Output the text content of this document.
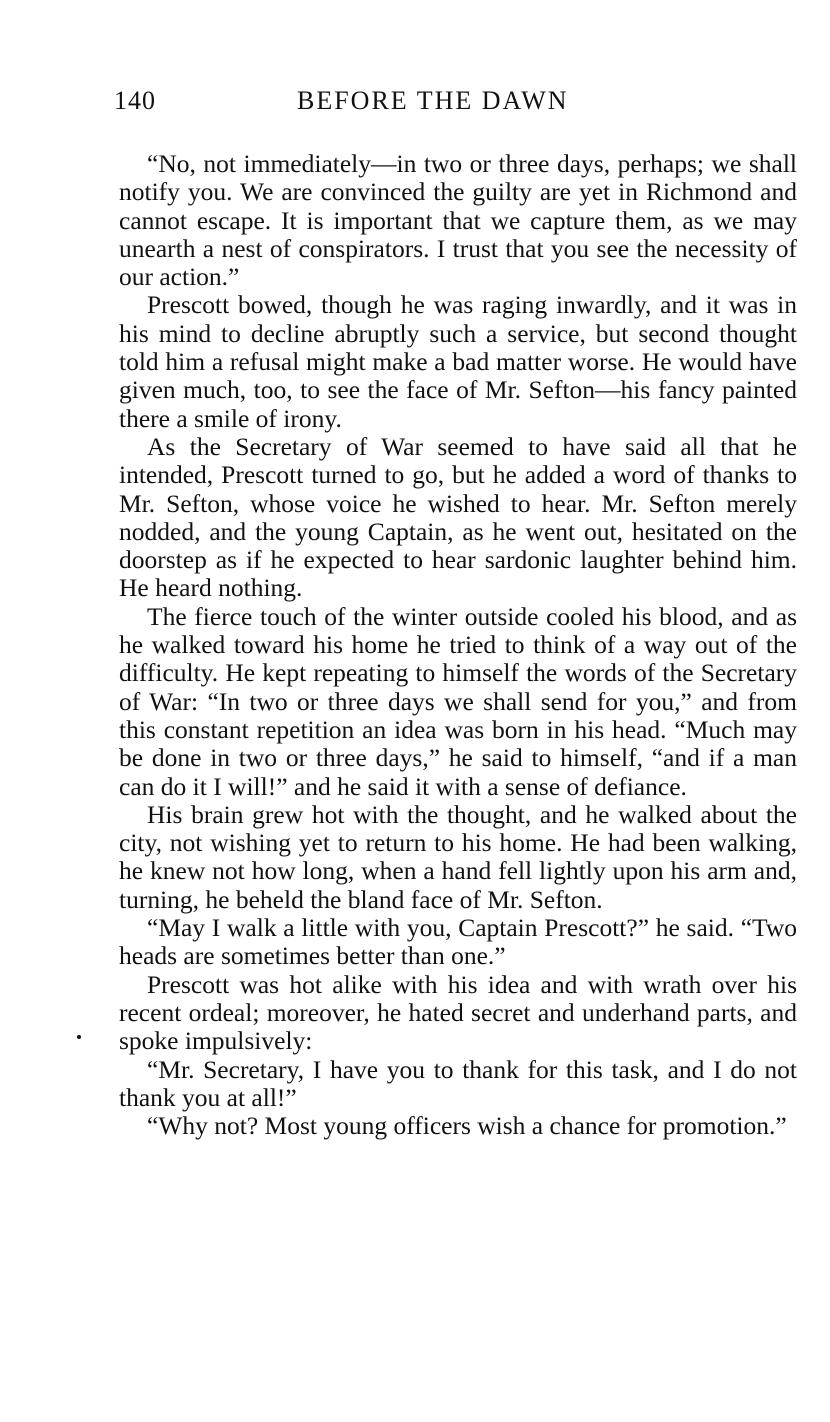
140	BEFORE THE DAWN

“No, not immediately—in two or three days, perhaps; we shall notify you. We are convinced the guilty are yet in Richmond and cannot escape. It is important that we capture them, as we may unearth a nest of conspirators. I trust that you see the necessity of our action.”

Prescott bowed, though he was raging inwardly, and it was in his mind to decline abruptly such a service, but second thought told him a refusal might make a bad matter worse. He would have given much, too, to see the face of Mr. Sefton—his fancy painted there a smile of irony.

As the Secretary of War seemed to have said all that he intended, Prescott turned to go, but he added a word of thanks to Mr. Sefton, whose voice he wished to hear. Mr. Sefton merely nodded, and the young Captain, as he went out, hesitated on the doorstep as if he expected to hear sardonic laughter behind him. He heard nothing.

The fierce touch of the winter outside cooled his blood, and as he walked toward his home he tried to think of a way out of the difficulty. He kept repeating to himself the words of the Secretary of War: “In two or three days we shall send for you,” and from this constant repetition an idea was born in his head. “Much may be done in two or three days,” he said to himself, “and if a man can do it I will!” and he said it with a sense of defiance.

His brain grew hot with the thought, and he walked about the city, not wishing yet to return to his home. He had been walking, he knew not how long, when a hand fell lightly upon his arm and, turning, he beheld the bland face of Mr. Sefton.

“May I walk a little with you, Captain Prescott?” he said. “Two heads are sometimes better than one.”

Prescott was hot alike with his idea and with wrath over his recent ordeal; moreover, he hated secret and underhand parts, and spoke impulsively:

“Mr. Secretary, I have you to thank for this task, and I do not thank you at all!”

“Why not? Most young officers wish a chance for promotion.”
